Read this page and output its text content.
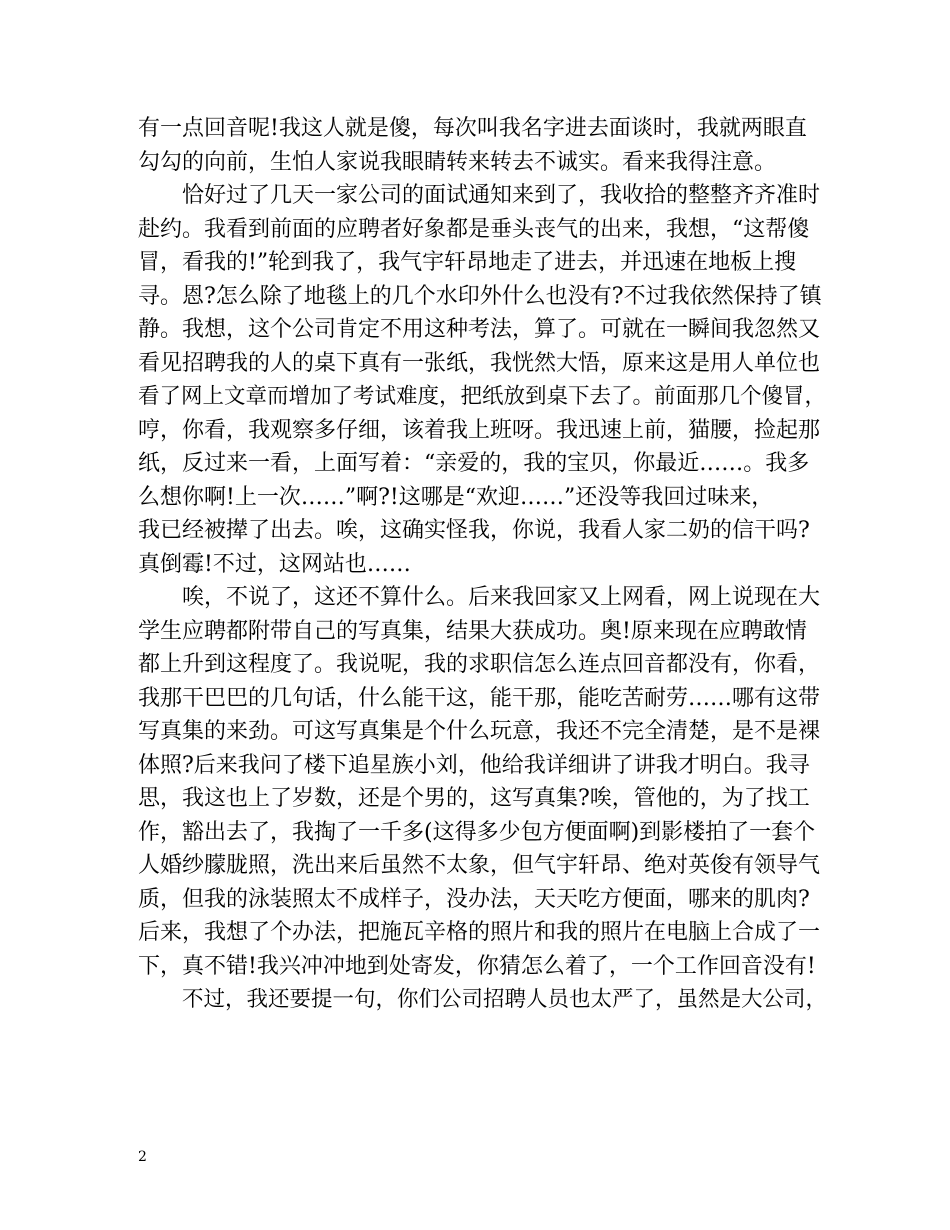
有一点回音呢!我这人就是傻，每次叫我名字进去面谈时，我就两眼直
勾勾的向前，生怕人家说我眼睛转来转去不诚实。看来我得注意。
恰好过了几天一家公司的面试通知来到了，我收拾的整整齐齐准时
赴约。我看到前面的应聘者好象都是垂头丧气的出来，我想，“这帮傻
冒，看我的!”轮到我了，我气宇轩昂地走了进去，并迅速在地板上搜
寻。恩?怎么除了地毯上的几个水印外什么也没有?不过我依然保持了镇
静。我想，这个公司肯定不用这种考法，算了。可就在一瞬间我忽然又
看见招聘我的人的桌下真有一张纸，我恍然大悟，原来这是用人单位也
看了网上文章而增加了考试难度，把纸放到桌下去了。前面那几个傻冒，
哼，你看，我观察多仔细，该着我上班呀。我迅速上前，猫腰，捡起那
纸，反过来一看，上面写着：“亲爱的，我的宝贝，你最近……。我多
么想你啊!上一次……”啊?!这哪是“欢迎……”还没等我回过味来，
我已经被撵了出去。唉，这确实怪我，你说，我看人家二奶的信干吗?
真倒霉!不过，这网站也……
唉，不说了，这还不算什么。后来我回家又上网看，网上说现在大
学生应聘都附带自己的写真集，结果大获成功。奥!原来现在应聘敢情
都上升到这程度了。我说呢，我的求职信怎么连点回音都没有，你看，
我那干巴巴的几句话，什么能干这，能干那，能吃苦耐劳……哪有这带
写真集的来劲。可这写真集是个什么玩意，我还不完全清楚，是不是裸
体照?后来我问了楼下追星族小刘，他给我详细讲了讲我才明白。我寻
思，我这也上了岁数，还是个男的，这写真集?唉，管他的，为了找工
作，豁出去了，我掏了一千多(这得多少包方便面啊)到影楼拍了一套个
人婚纱朦胧照，洗出来后虽然不太象，但气宇轩昂、绝对英俊有领导气
质，但我的泳装照太不成样子，没办法，天天吃方便面，哪来的肌肉?
后来，我想了个办法，把施瓦辛格的照片和我的照片在电脑上合成了一
下，真不错!我兴冲冲地到处寄发，你猜怎么着了，一个工作回音没有!
不过，我还要提一句，你们公司招聘人员也太严了，虽然是大公司，
2
